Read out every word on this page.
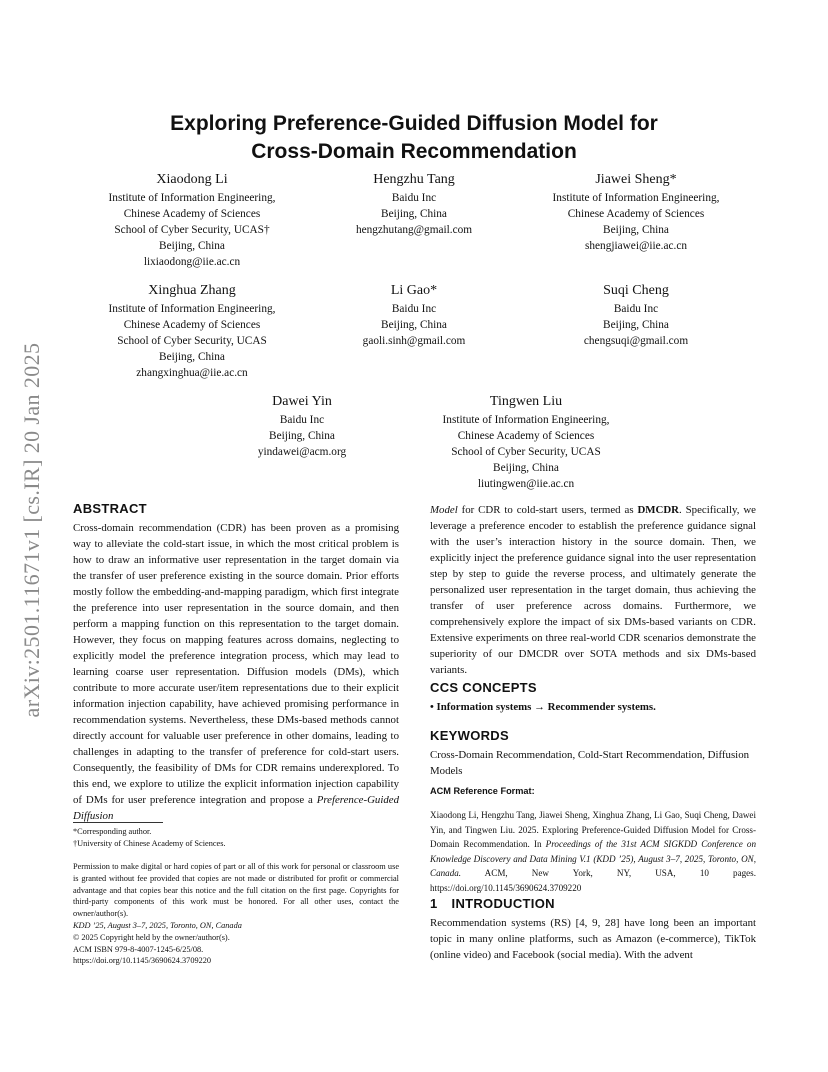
arXiv:2501.11671v1 [cs.IR] 20 Jan 2025
Exploring Preference-Guided Diffusion Model for
Cross-Domain Recommendation
Xiaodong Li
Institute of Information Engineering,
Chinese Academy of Sciences
School of Cyber Security, UCAS†
Beijing, China
lixiaodong@iie.ac.cn
Hengzhu Tang
Baidu Inc
Beijing, China
hengzhutang@gmail.com
Jiawei Sheng*
Institute of Information Engineering,
Chinese Academy of Sciences
Beijing, China
shengjiawei@iie.ac.cn
Xinghua Zhang
Institute of Information Engineering,
Chinese Academy of Sciences
School of Cyber Security, UCAS
Beijing, China
zhangxinghua@iie.ac.cn
Li Gao*
Baidu Inc
Beijing, China
gaoli.sinh@gmail.com
Suqi Cheng
Baidu Inc
Beijing, China
chengsuqi@gmail.com
Dawei Yin
Baidu Inc
Beijing, China
yindawei@acm.org
Tingwen Liu
Institute of Information Engineering,
Chinese Academy of Sciences
School of Cyber Security, UCAS
Beijing, China
liutingwen@iie.ac.cn
ABSTRACT

Cross-domain recommendation (CDR) has been proven as a promising way to alleviate the cold-start issue, in which the most critical problem is how to draw an informative user representation in the target domain via the transfer of user preference existing in the source domain. Prior efforts mostly follow the embedding-and-mapping paradigm, which first integrate the preference into user representation in the source domain, and then perform a mapping function on this representation to the target domain. However, they focus on mapping features across domains, neglecting to explicitly model the preference integration process, which may lead to learning coarse user representation. Diffusion models (DMs), which contribute to more accurate user/item representations due to their explicit information injection capability, have achieved promising performance in recommendation systems. Nevertheless, these DMs-based methods cannot directly account for valuable user preference in other domains, leading to challenges in adapting to the transfer of preference for cold-start users. Consequently, the feasibility of DMs for CDR remains underexplored. To this end, we explore to utilize the explicit information injection capability of DMs for user preference integration and propose a Preference-Guided Diffusion

*Corresponding author.
†University of Chinese Academy of Sciences.
Permission to make digital or hard copies of part or all of this work for personal or classroom use is granted without fee provided that copies are not made or distributed for profit or commercial advantage and that copies bear this notice and the full citation on the first page. Copyrights for third-party components of this work must be honored. For all other uses, contact the owner/author(s).
KDD ’25, August 3–7, 2025, Toronto, ON, Canada
© 2025 Copyright held by the owner/author(s).
ACM ISBN 979-8-4007-1245-6/25/08.
https://doi.org/10.1145/3690624.3709220

Model for CDR to cold-start users, termed as DMCDR. Specifically, we leverage a preference encoder to establish the preference guidance signal with the user’s interaction history in the source domain. Then, we explicitly inject the preference guidance signal into the user representation step by step to guide the reverse process, and ultimately generate the personalized user representation in the target domain, thus achieving the transfer of user preference across domains. Furthermore, we comprehensively explore the impact of six DMs-based variants on CDR. Extensive experiments on three real-world CDR scenarios demonstrate the superiority of our DMCDR over SOTA methods and six DMs-based variants.

CCS CONCEPTS

• Information systems → Recommender systems.

KEYWORDS

Cross-Domain Recommendation, Cold-Start Recommendation, Diffusion Models

ACM Reference Format:

Xiaodong Li, Hengzhu Tang, Jiawei Sheng, Xinghua Zhang, Li Gao, Suqi Cheng, Dawei Yin, and Tingwen Liu. 2025. Exploring Preference-Guided Diffusion Model for Cross-Domain Recommendation. In Proceedings of the 31st ACM SIGKDD Conference on Knowledge Discovery and Data Mining V.1 (KDD ’25), August 3–7, 2025, Toronto, ON, Canada. ACM, New York, NY, USA, 10 pages. https://doi.org/10.1145/3690624.3709220

1 INTRODUCTION

Recommendation systems (RS) [4, 9, 28] have long been an important topic in many online platforms, such as Amazon (e-commerce), TikTok (online video) and Facebook (social media). With the advent
